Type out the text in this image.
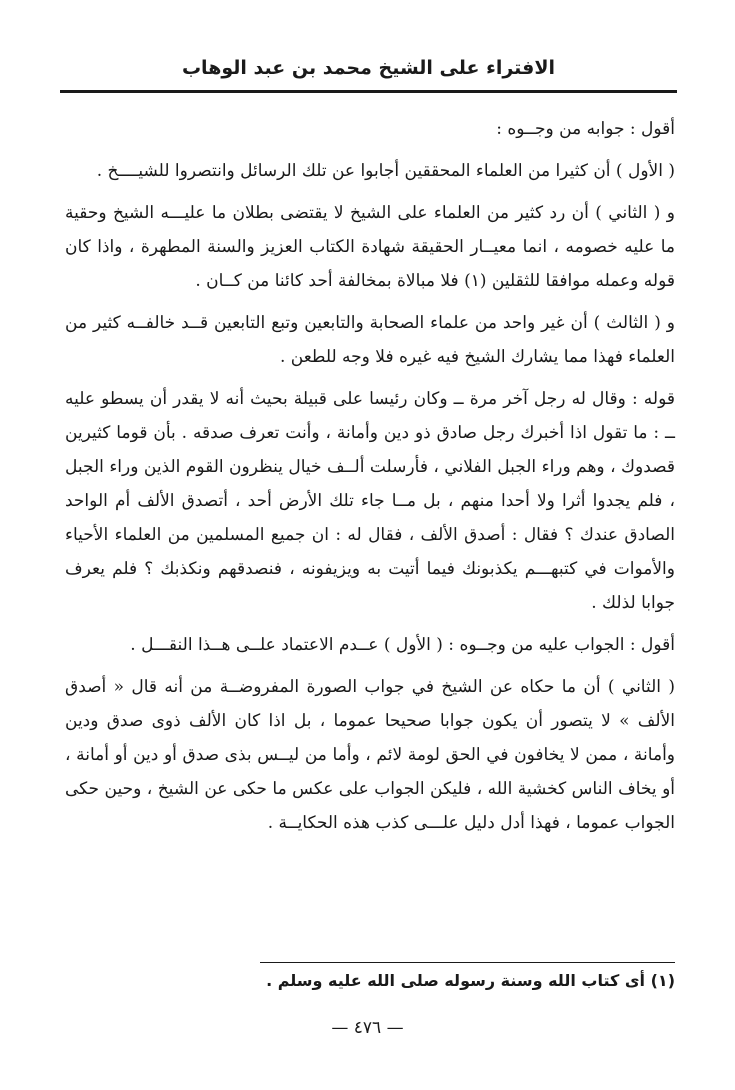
الافتراء على الشيخ محمد بن عبد الوهاب

أقول : جوابه من وجــوه :

( الأول ) أن كثيرا من العلماء المحققين أجابوا عن تلك الرسائل وانتصروا للشيــــخ .

و ( الثاني ) أن رد كثير من العلماء على الشيخ لا يقتضى بطلان ما عليـــه الشيخ وحقية ما عليه خصومه ، انما معيــار الحقيقة شهادة الكتاب العزيز والسنة المطهرة ، واذا كان قوله وعمله موافقا للثقلين (١) فلا مبالاة بمخالفة أحد كائنا من كــان .

و ( الثالث ) أن غير واحد من علماء الصحابة والتابعين وتبع التابعين قــد خالفــه كثير من العلماء فهذا مما يشارك الشيخ فيه غيره فلا وجه للطعن .

قوله : وقال له رجل آخر مرة ــ وكان رئيسا على قبيلة بحيث أنه لا يقدر أن يسطو عليه ــ : ما تقول اذا أخبرك رجل صادق ذو دين وأمانة ، وأنت تعرف صدقه . بأن قوما كثيرين قصدوك ، وهم وراء الجبل الفلاني ، فأرسلت ألــف خيال ينظرون القوم الذين وراء الجبل ، فلم يجدوا أثرا ولا أحدا منهم ، بل مــا جاء تلك الأرض أحد ، أتصدق الألف أم الواحد الصادق عندك ؟ فقال : أصدق الألف ، فقال له : ان جميع المسلمين من العلماء الأحياء والأموات في كتبهـــم يكذبونك فيما أتيت به ويزيفونه ، فنصدقهم ونكذبك ؟ فلم يعرف جوابا لذلك .

أقول : الجواب عليه من وجــوه : ( الأول ) عــدم الاعتماد علــى هــذا النقـــل .

( الثاني ) أن ما حكاه عن الشيخ في جواب الصورة المفروضــة من أنه قال « أصدق الألف » لا يتصور أن يكون جوابا صحيحا عموما ، بل اذا كان الألف ذوى صدق ودين وأمانة ، ممن لا يخافون في الحق لومة لائم ، وأما من ليــس بذى صدق أو دين أو أمانة ، أو يخاف الناس كخشية الله ، فليكن الجواب على عكس ما حكى عن الشيخ ، وحين حكى الجواب عموما ، فهذا أدل دليل علـــى كذب هذه الحكايــة .

(١) أى كتاب الله وسنة رسوله صلى الله عليه وسلم .
— ٤٧٦ —
